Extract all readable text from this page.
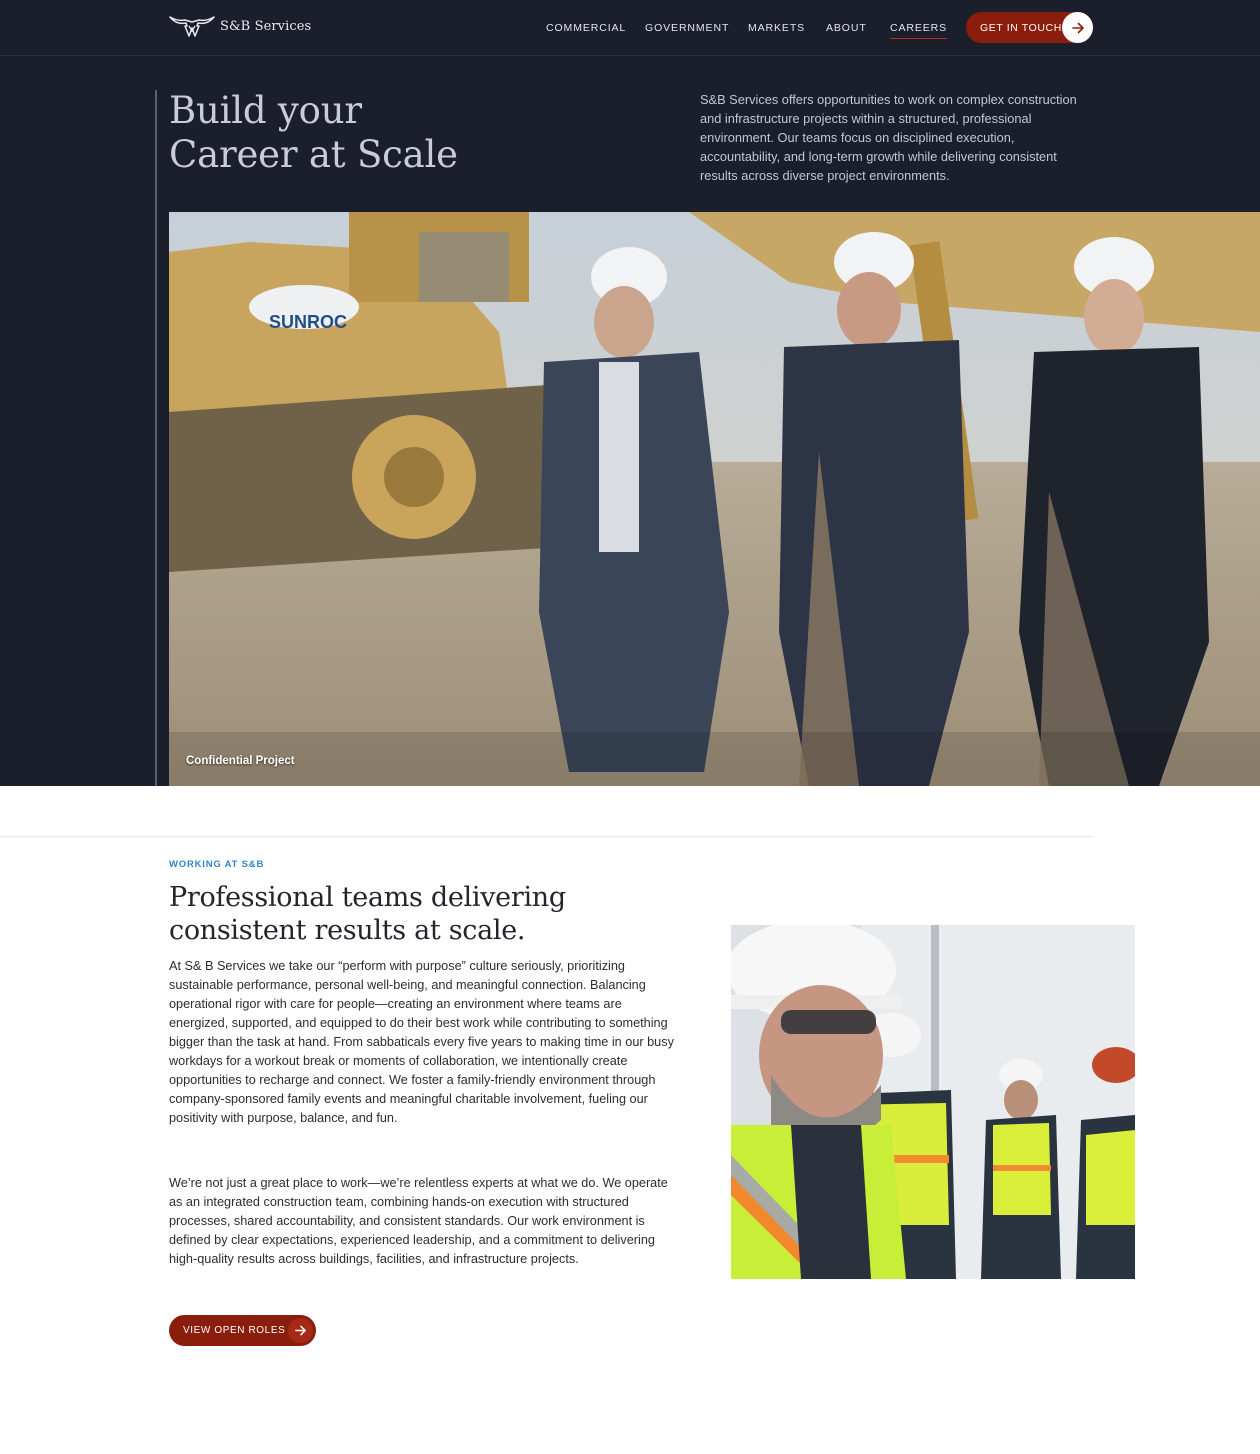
S&B Services	COMMERCIAL GOVERNMENT MARKETS ABOUT CAREERS	GET IN TOUCH
Build your
Career at Scale

S&B Services offers opportunities to work on complex construction and infrastructure projects within a structured, professional environment. Our teams focus on disciplined execution, accountability, and long-term growth while delivering consistent results across diverse project environments.

SUNROC
Confidential Project
WORKING AT S&B
Professional teams delivering
consistent results at scale.

At S& B Services we take our “perform with purpose” culture seriously, prioritizing sustainable performance, personal well-being, and meaningful connection. Balancing operational rigor with care for people—creating an environment where teams are energized, supported, and equipped to do their best work while contributing to something bigger than the task at hand. From sabbaticals every five years to making time in our busy workdays for a workout break or moments of collaboration, we intentionally create opportunities to recharge and connect. We foster a family-friendly environment through company-sponsored family events and meaningful charitable involvement, fueling our positivity with purpose, balance, and fun.

We’re not just a great place to work—we’re relentless experts at what we do. We operate as an integrated construction team, combining hands-on execution with structured processes, shared accountability, and consistent standards. Our work environment is defined by clear expectations, experienced leadership, and a commitment to delivering high-quality results across buildings, facilities, and infrastructure projects.

VIEW OPEN ROLES
